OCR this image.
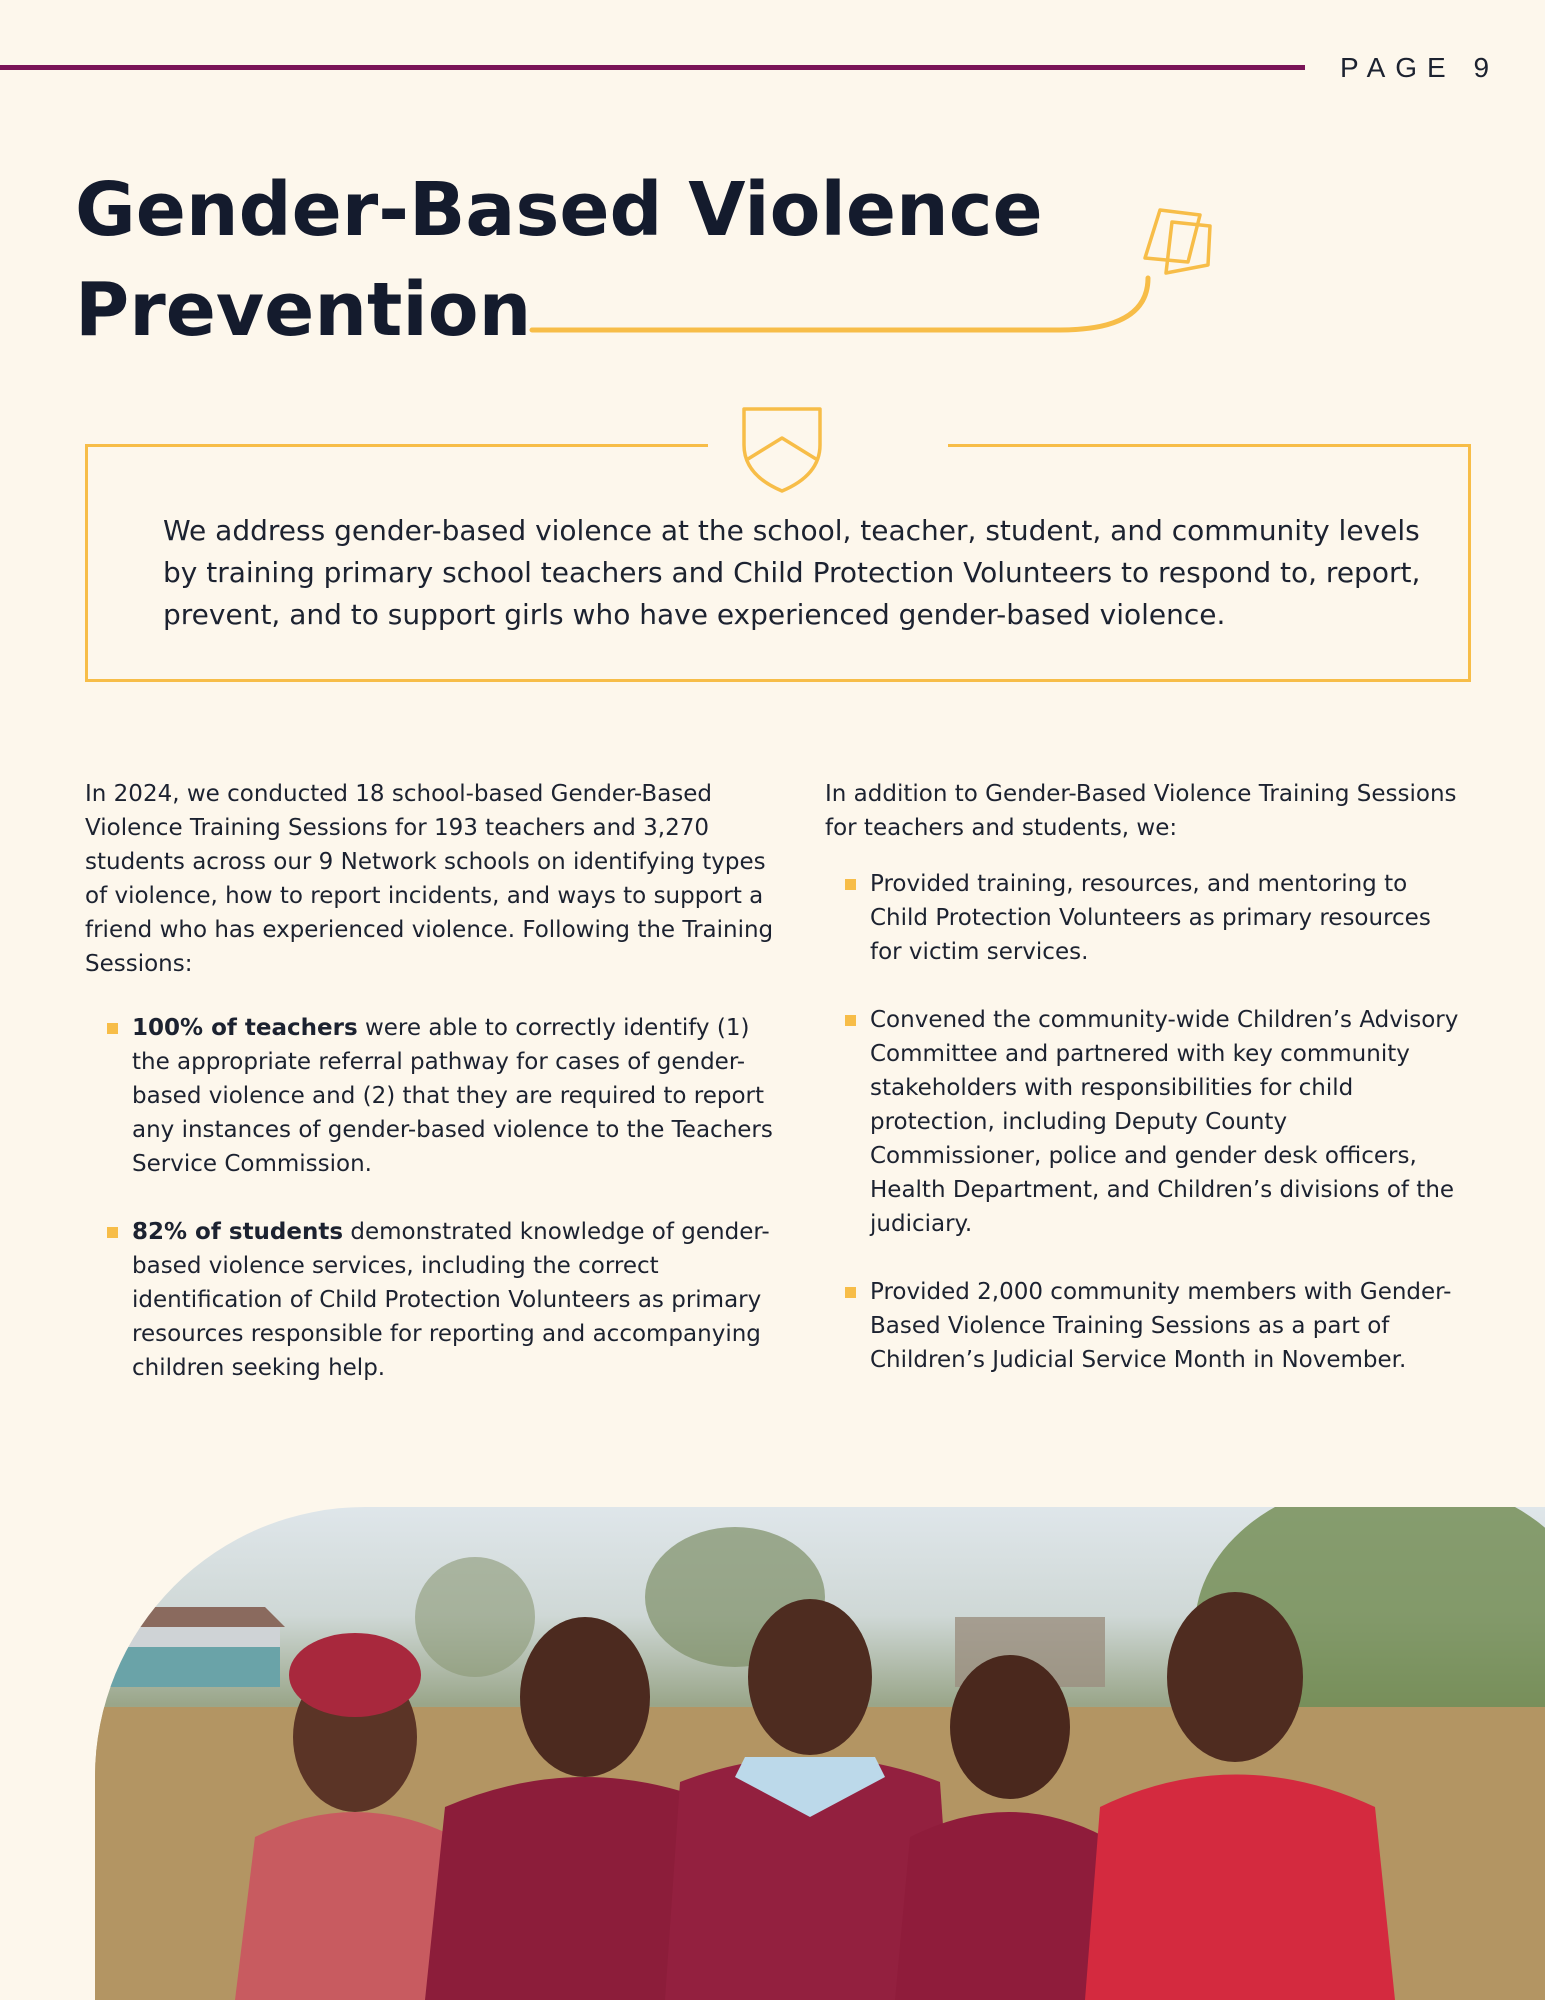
PAGE 9
Gender-Based Violence
Prevention
We address gender-based violence at the school, teacher, student, and community levels by training primary school teachers and Child Protection Volunteers to respond to, report, prevent, and to support girls who have experienced gender-based violence.

In 2024, we conducted 18 school-based Gender-Based Violence Training Sessions for 193 teachers and 3,270 students across our 9 Network schools on identifying types of violence, how to report incidents, and ways to support a friend who has experienced violence. Following the Training Sessions:

100% of teachers were able to correctly identify (1) the appropriate referral pathway for cases of gender-based violence and (2) that they are required to report any instances of gender-based violence to the Teachers Service Commission.
82% of students demonstrated knowledge of gender-based violence services, including the correct identification of Child Protection Volunteers as primary resources responsible for reporting and accompanying children seeking help.

In addition to Gender-Based Violence Training Sessions for teachers and students, we:

Provided training, resources, and mentoring to Child Protection Volunteers as primary resources for victim services.
Convened the community-wide Children’s Advisory Committee and partnered with key community stakeholders with responsibilities for child protection, including Deputy County Commissioner, police and gender desk officers, Health Department, and Children’s divisions of the judiciary.
Provided 2,000 community members with Gender-Based Violence Training Sessions as a part of Children’s Judicial Service Month in November.
